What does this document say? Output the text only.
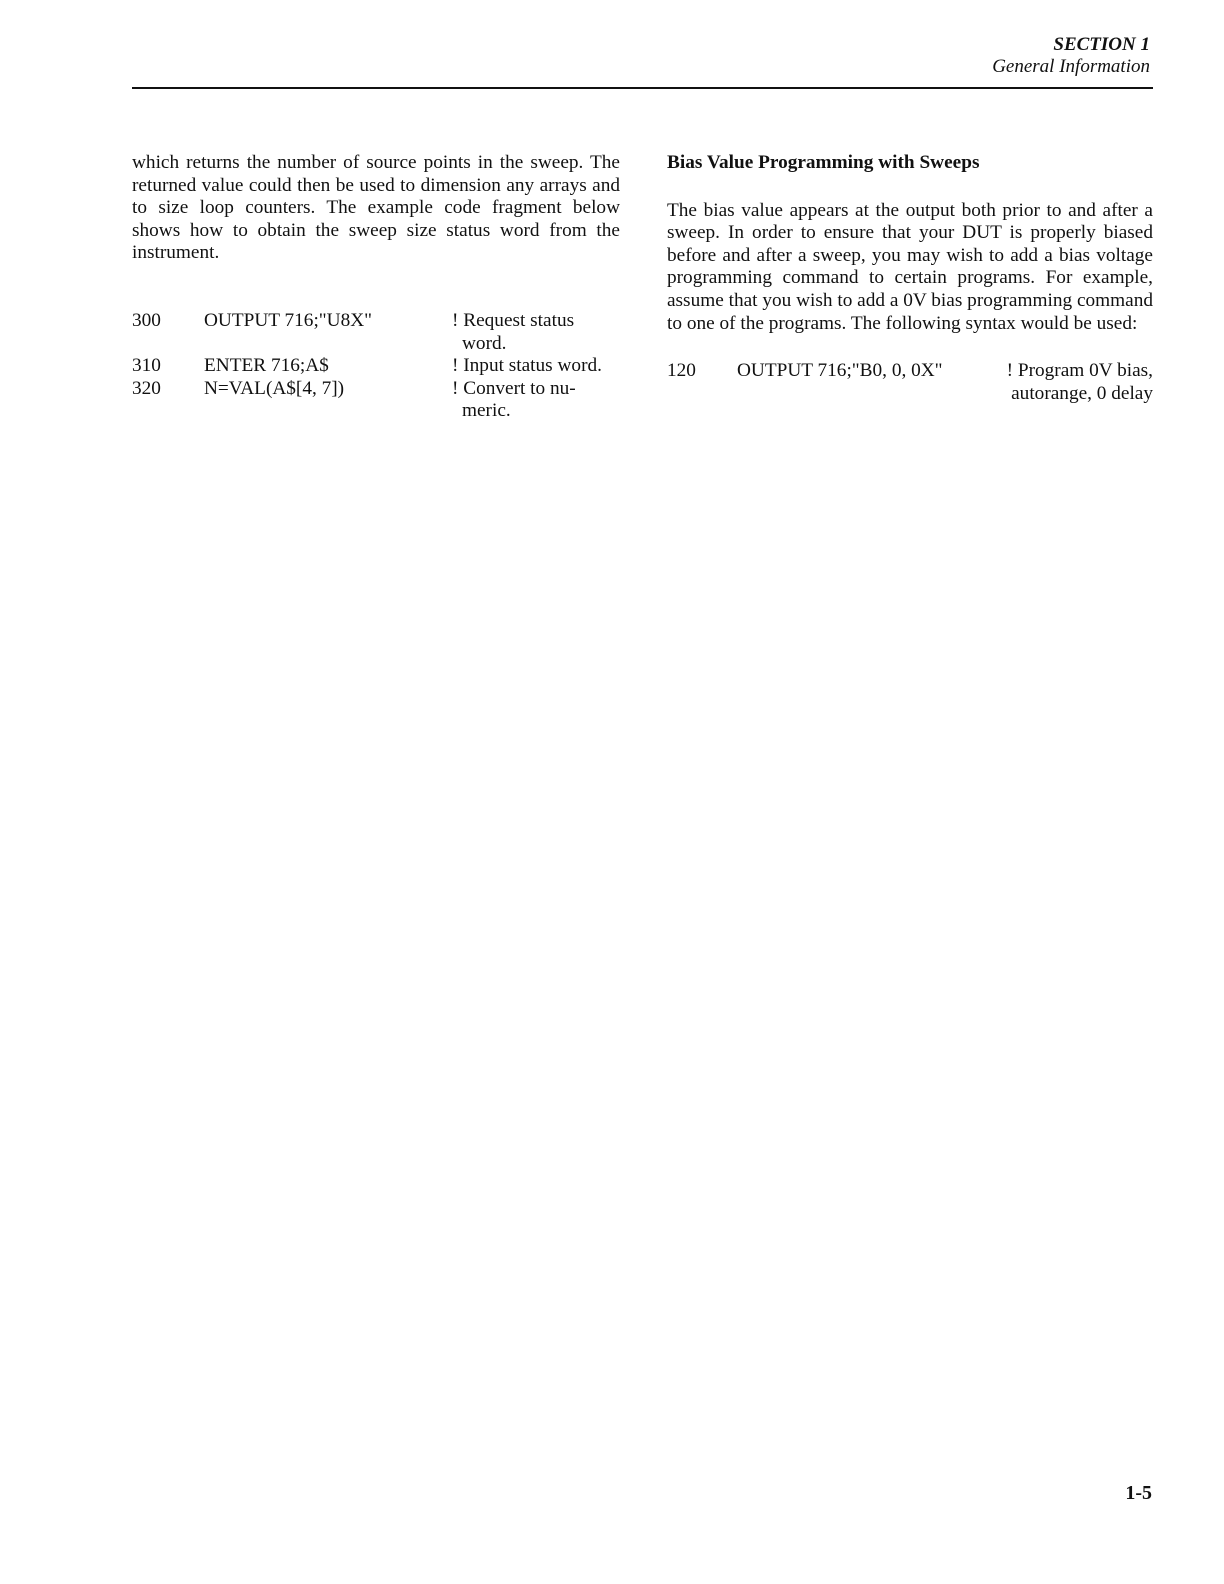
SECTION 1
General Information

which returns the number of source points in the sweep. The returned value could then be used to dimension any arrays and to size loop counters. The example code fragment below shows how to obtain the sweep size status word from the instrument.

300 OUTPUT 716;"U8X"	! Request status
word.
310 ENTER 716;A$	! Input status word.
320 N=VAL(A$[4, 7])	! Convert to nu-
meric.

Bias Value Programming with Sweeps

The bias value appears at the output both prior to and after a sweep. In order to ensure that your DUT is properly biased before and after a sweep, you may wish to add a bias voltage programming command to certain programs. For example, assume that you wish to add a 0V bias programming command to one of the programs. The following syntax would be used:

120 OUTPUT 716;"B0, 0, 0X"	! Program 0V bias,
autorange, 0 delay
1-5
